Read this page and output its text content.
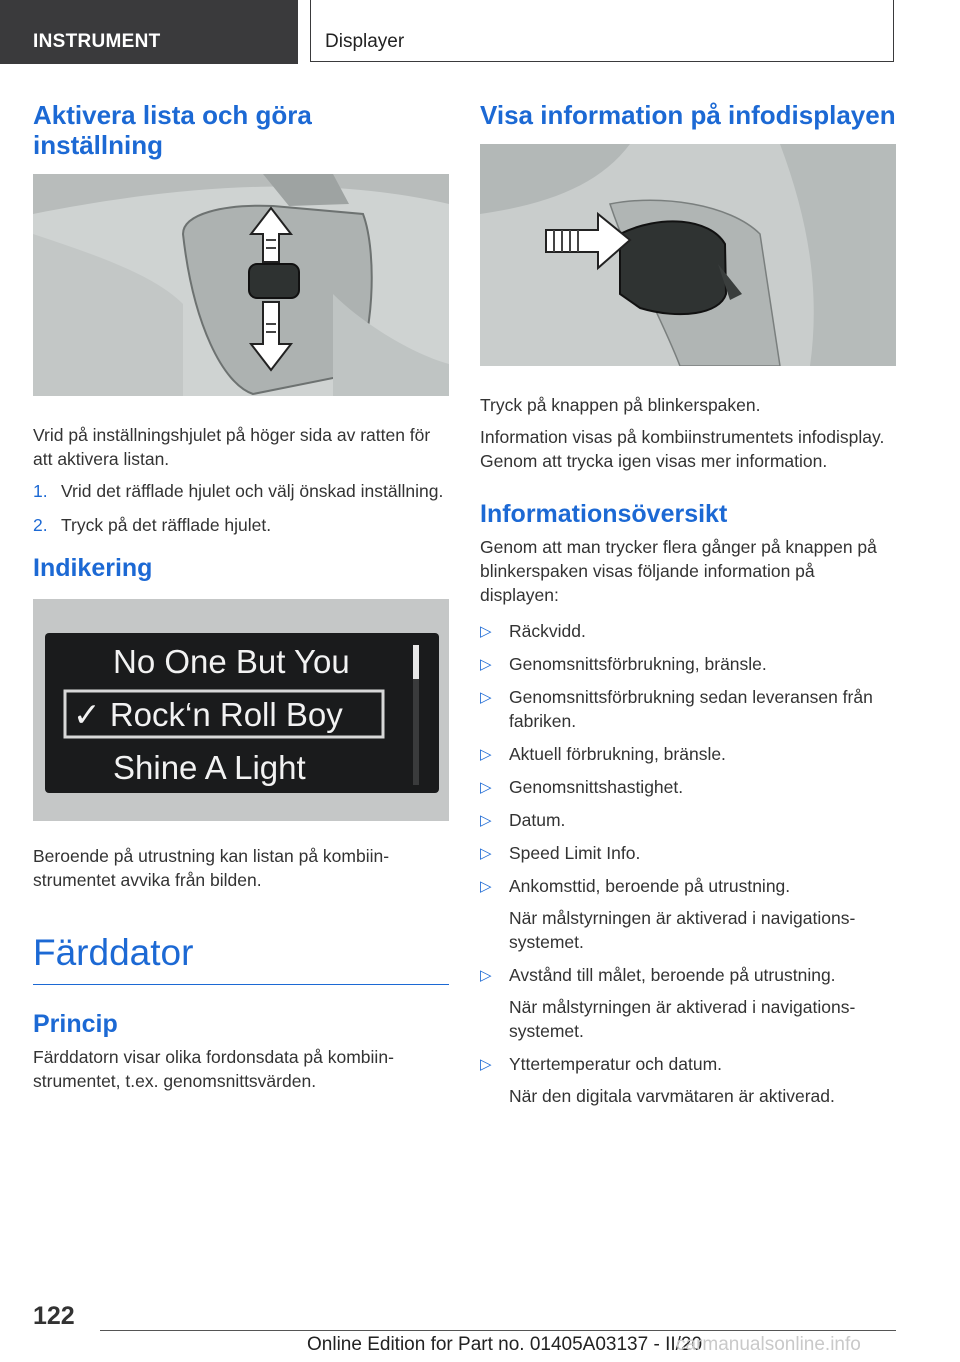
INSTRUMENT	Displayer
Aktivera lista och göra inställning

Vrid på inställningshjulet på höger sida av ratten för att aktivera listan.

1. Vrid det räfflade hjulet och välj önskad inställning.
2. Tryck på det räfflade hjulet.
Indikering
No One But You
✓ Rock‘n Roll Boy
Shine A Light

Beroende på utrustning kan listan på kombiinstrumentet avvika från bilden.

Färddator
Princip

Färddatorn visar olika fordonsdata på kombiinstrumentet, t.ex. genomsnittsvärden.

Visa information på infodisplayen

Tryck på knappen på blinkerspaken.

Information visas på kombiinstrumentets infodisplay. Genom att trycka igen visas mer information.

Informationsöversikt

Genom att man trycker flera gånger på knappen på blinkerspaken visas följande information på displayen:

▷ Räckvidd.
▷ Genomsnittsförbrukning, bränsle.
▷ Genomsnittsförbrukning sedan leveransen från fabriken.
▷ Aktuell förbrukning, bränsle.
▷ Genomsnittshastighet.
▷ Datum.
▷ Speed Limit Info.
▷ Ankomsttid, beroende på utrustning.
När målstyrningen är aktiverad i navigationssystemet.
▷ Avstånd till målet, beroende på utrustning.
När målstyrningen är aktiverad i navigationssystemet.
▷ Yttertemperatur och datum.
När den digitala varvmätaren är aktiverad.
122
Online Edition for Part no. 01405A03137 - II/20
carmanualsonline.info
